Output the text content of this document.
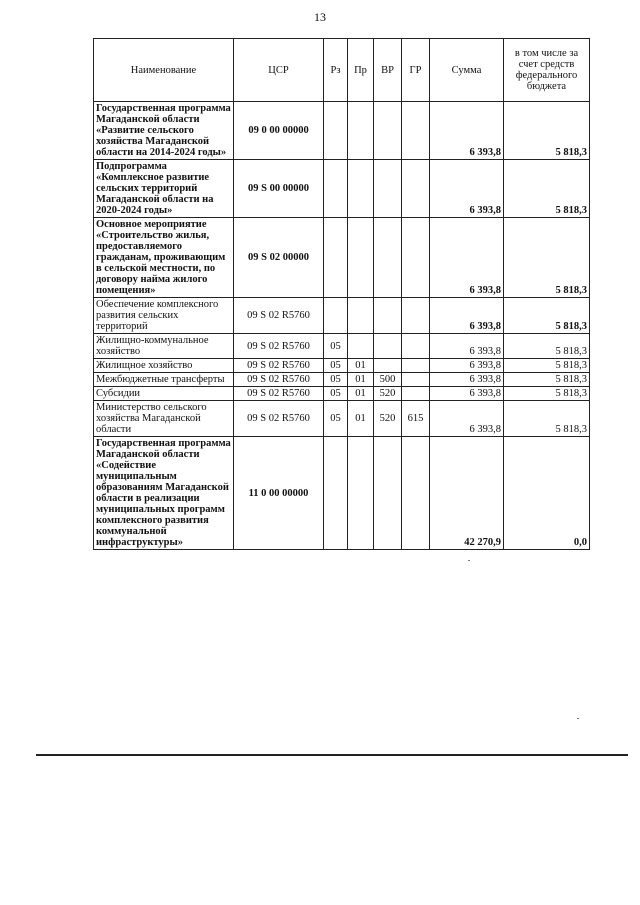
13
Наименование	ЦСР	Рз	Пр	ВР	ГР	Сумма	в том числе за счет средств федерального бюджета
Государственная программа Магаданской области «Развитие сельского хозяйства Магаданской области на 2014-2024 годы»	09 0 00 00000					6 393,8	5 818,3
Подпрограмма «Комплексное развитие сельских территорий Магаданской области на 2020-2024 годы»	09 S 00 00000					6 393,8	5 818,3
Основное мероприятие «Строительство жилья, предоставляемого гражданам, проживающим в сельской местности, по договору найма жилого помещения»	09 S 02 00000					6 393,8	5 818,3
Обеспечение комплексного развития сельских территорий	09 S 02 R5760					6 393,8	5 818,3
Жилищно-коммунальное хозяйство	09 S 02 R5760	05				6 393,8	5 818,3
Жилищное хозяйство	09 S 02 R5760	05	01			6 393,8	5 818,3
Межбюджетные трансферты	09 S 02 R5760	05	01	500		6 393,8	5 818,3
Субсидии	09 S 02 R5760	05	01	520		6 393,8	5 818,3
Министерство сельского хозяйства Магаданской области	09 S 02 R5760	05	01	520	615	6 393,8	5 818,3
Государственная программа Магаданской области «Содействие муниципальным образованиям Магаданской области в реализации муниципальных программ комплексного развития коммунальной инфраструктуры»	11 0 00 00000					42 270,9	0,0
